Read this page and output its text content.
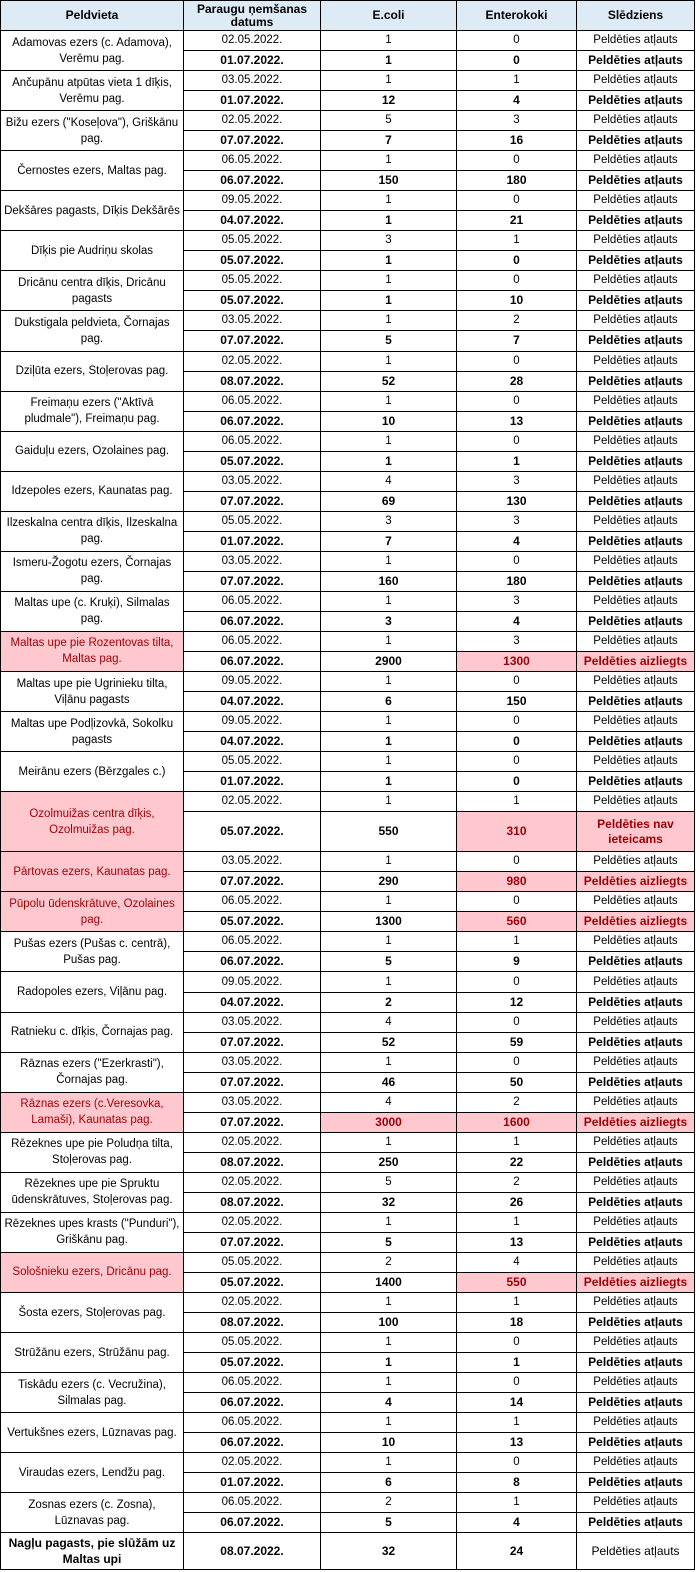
Peldvieta	Paraugu ņemšanas datums	E.coli	Enterokoki	Slēdziens
Adamovas ezers (c. Adamova), Verēmu pag.	02.05.2022.	1	0	Peldēties atļauts
	01.07.2022.	1	0	Peldēties atļauts
Ančupānu atpūtas vieta 1 dīķis, Verēmu pag.	03.05.2022.	1	1	Peldēties atļauts
	01.07.2022.	12	4	Peldēties atļauts
Bižu ezers ("Koseļova"), Griškānu pag.	02.05.2022.	5	3	Peldēties atļauts
	07.07.2022.	7	16	Peldēties atļauts
Černostes ezers, Maltas pag.	06.05.2022.	1	0	Peldēties atļauts
	06.07.2022.	150	180	Peldēties atļauts
Dekšāres pagasts, Dīķis Dekšārēs	09.05.2022.	1	0	Peldēties atļauts
	04.07.2022.	1	21	Peldēties atļauts
Dīķis pie Audriņu skolas	05.05.2022.	3	1	Peldēties atļauts
	05.07.2022.	1	0	Peldēties atļauts
Dricānu centra dīķis, Dricānu pagasts	05.05.2022.	1	0	Peldēties atļauts
	05.07.2022.	1	10	Peldēties atļauts
Dukstigala peldvieta, Čornajas pag.	03.05.2022.	1	2	Peldēties atļauts
	07.07.2022.	5	7	Peldēties atļauts
Dziļūta ezers, Stoļerovas pag.	02.05.2022.	1	0	Peldēties atļauts
	08.07.2022.	52	28	Peldēties atļauts
Freimaņu ezers ("Aktīvā pludmale"), Freimaņu pag.	06.05.2022.	1	0	Peldēties atļauts
	06.07.2022.	10	13	Peldēties atļauts
Gaiduļu ezers, Ozolaines pag.	06.05.2022.	1	0	Peldēties atļauts
	05.07.2022.	1	1	Peldēties atļauts
Idzepoles ezers, Kaunatas pag.	03.05.2022.	4	3	Peldēties atļauts
	07.07.2022.	69	130	Peldēties atļauts
Ilzeskalna centra dīķis, Ilzeskalna pag.	05.05.2022.	3	3	Peldēties atļauts
	01.07.2022.	7	4	Peldēties atļauts
Ismeru-Žogotu ezers, Čornajas pag.	03.05.2022.	1	0	Peldēties atļauts
	07.07.2022.	160	180	Peldēties atļauts
Maltas upe (c. Kruķi), Silmalas pag.	06.05.2022.	1	3	Peldēties atļauts
	06.07.2022.	3	4	Peldēties atļauts
Maltas upe pie Rozentovas tilta, Maltas pag.	06.05.2022.	1	3	Peldēties atļauts
	06.07.2022.	2900	1300	Peldēties aizliegts
Maltas upe pie Ugrinieku tilta, Viļānu pagasts	09.05.2022.	1	0	Peldēties atļauts
	04.07.2022.	6	150	Peldēties atļauts
Maltas upe Podļizovkā, Sokolku pagasts	09.05.2022.	1	0	Peldēties atļauts
	04.07.2022.	1	0	Peldēties atļauts
Meirānu ezers (Bērzgales c.)	05.05.2022.	1	0	Peldēties atļauts
	01.07.2022.	1	0	Peldēties atļauts
Ozolmuižas centra dīķis, Ozolmuižas pag.	02.05.2022.	1	1	Peldēties atļauts
	05.07.2022.	550	310	Peldēties nav ieteicams
Pārtovas ezers, Kaunatas pag.	03.05.2022.	1	0	Peldēties atļauts
	07.07.2022.	290	980	Peldēties aizliegts
Pūpolu ūdenskrātuve, Ozolaines pag.	06.05.2022.	1	0	Peldēties atļauts
	05.07.2022.	1300	560	Peldēties aizliegts
Pušas ezers (Pušas c. centrā), Pušas pag.	06.05.2022.	1	1	Peldēties atļauts
	06.07.2022.	5	9	Peldēties atļauts
Radopoles ezers, Viļānu pag.	09.05.2022.	1	0	Peldēties atļauts
	04.07.2022.	2	12	Peldēties atļauts
Ratnieku c. dīķis, Čornajas pag.	03.05.2022.	4	0	Peldēties atļauts
	07.07.2022.	52	59	Peldēties atļauts
Rāznas ezers ("Ezerkrasti"), Čornajas pag.	03.05.2022.	1	0	Peldēties atļauts
	07.07.2022.	46	50	Peldēties atļauts
Rāznas ezers (c.Veresovka, Lamaši), Kaunatas pag.	03.05.2022.	4	2	Peldēties atļauts
	07.07.2022.	3000	1600	Peldēties aizliegts
Rēzeknes upe pie Poludņa tilta, Stoļerovas pag.	02.05.2022.	1	1	Peldēties atļauts
	08.07.2022.	250	22	Peldēties atļauts
Rēzeknes upe pie Spruktu ūdenskrātuves, Stoļerovas pag.	02.05.2022.	5	2	Peldēties atļauts
	08.07.2022.	32	26	Peldēties atļauts
Rēzeknes upes krasts ("Punduri"), Griškānu pag.	02.05.2022.	1	1	Peldēties atļauts
	07.07.2022.	5	13	Peldēties atļauts
Sološnieku ezers, Dricānu pag.	05.05.2022.	2	4	Peldēties atļauts
	05.07.2022.	1400	550	Peldēties aizliegts
Šosta ezers, Stoļerovas pag.	02.05.2022.	1	1	Peldēties atļauts
	08.07.2022.	100	18	Peldēties atļauts
Strūžānu ezers, Strūžānu pag.	05.05.2022.	1	0	Peldēties atļauts
	05.07.2022.	1	1	Peldēties atļauts
Tiskādu ezers (c. Vecružina), Silmalas pag.	06.05.2022.	1	0	Peldēties atļauts
	06.07.2022.	4	14	Peldēties atļauts
Vertukšnes ezers, Lūznavas pag.	06.05.2022.	1	1	Peldēties atļauts
	06.07.2022.	10	13	Peldēties atļauts
Viraudas ezers, Lendžu pag.	02.05.2022.	1	0	Peldēties atļauts
	01.07.2022.	6	8	Peldēties atļauts
Zosnas ezers (c. Zosna), Lūznavas pag.	06.05.2022.	2	1	Peldēties atļauts
	06.07.2022.	5	4	Peldēties atļauts
Nagļu pagasts, pie slūžām uz Maltas upi	08.07.2022.	32	24	Peldēties atļauts
